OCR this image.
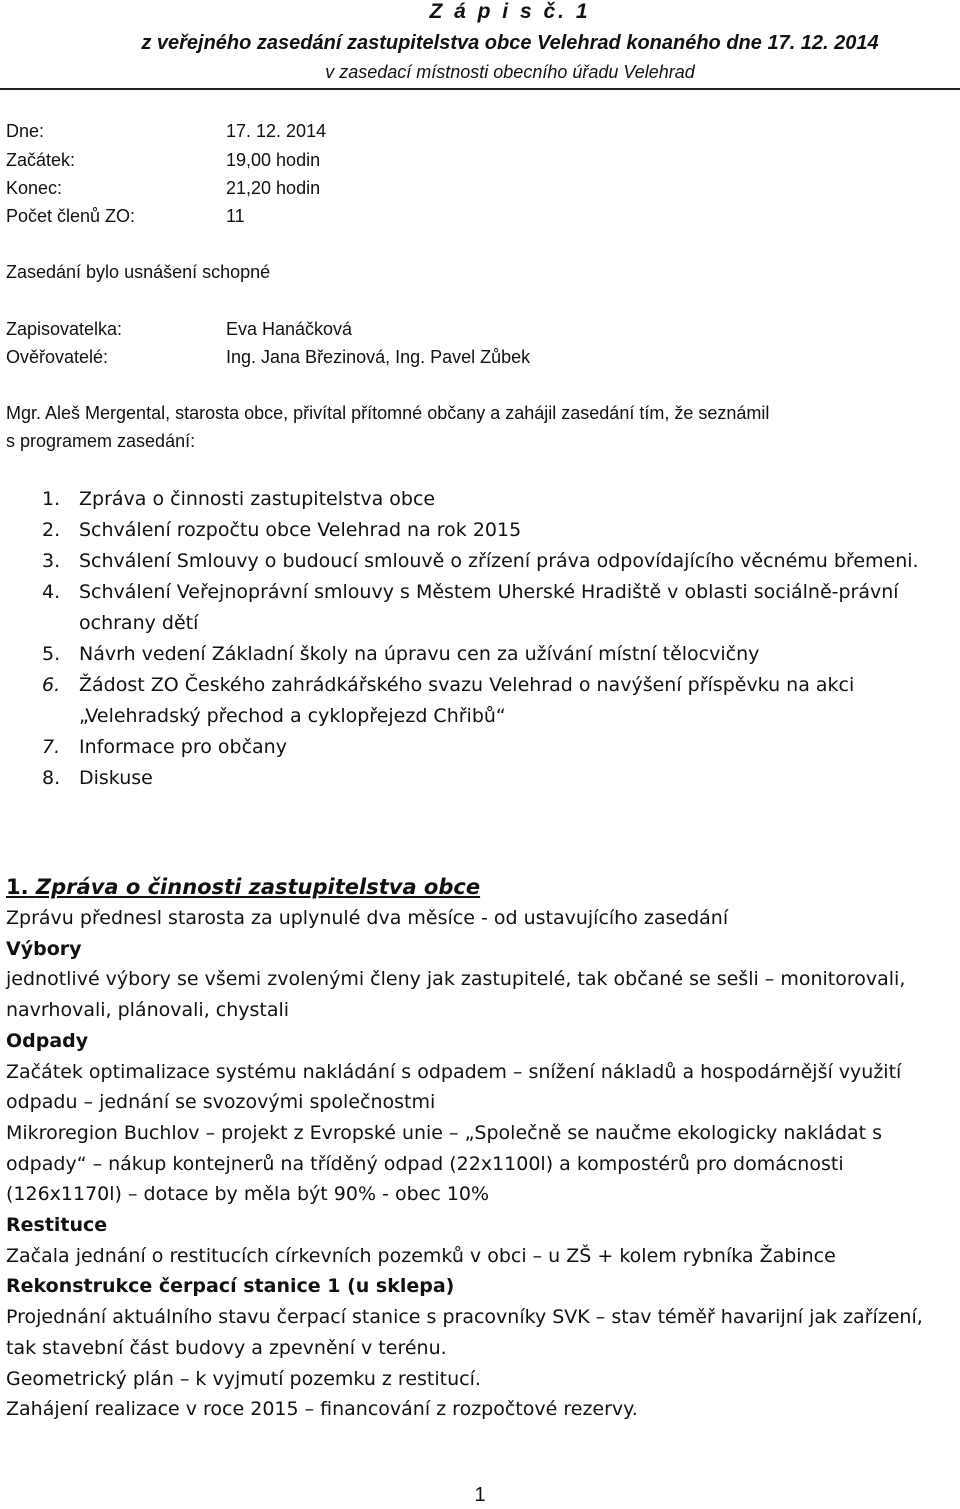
Z á p i s č. 1
z veřejného zasedání zastupitelstva obce Velehrad konaného dne 17. 12. 2014
v zasedací místnosti obecního úřadu Velehrad
Dne:	17. 12. 2014
Začátek:	19,00 hodin
Konec:	21,20 hodin
Počet členů ZO:	11
Zasedání bylo usnášení schopné
Zapisovatelka:	Eva Hanáčková
Ověřovatelé:	Ing. Jana Březinová, Ing. Pavel Zůbek
Mgr. Aleš Mergental, starosta obce, přivítal přítomné občany a zahájil zasedání tím, že seznámil
s programem zasedání:
1. Zpráva o činnosti zastupitelstva obce
2. Schválení rozpočtu obce Velehrad na rok 2015
3. Schválení Smlouvy o budoucí smlouvě o zřízení práva odpovídajícího věcnému břemeni.
4. Schválení Veřejnoprávní smlouvy s Městem Uherské Hradiště v oblasti sociálně-právní ochrany dětí
5. Návrh vedení Základní školy na úpravu cen za užívání místní tělocvičny
6. Žádost ZO Českého zahrádkářského svazu Velehrad o navýšení příspěvku na akci „Velehradský přechod a cyklopřejezd Chřibů“
7. Informace pro občany
8. Diskuse

1. Zpráva o činnosti zastupitelstva obce

Zprávu přednesl starosta za uplynulé dva měsíce - od ustavujícího zasedání

Výbory

jednotlivé výbory se všemi zvolenými členy jak zastupitelé, tak občané se sešli – monitorovali, navrhovali, plánovali, chystali

Odpady

Začátek optimalizace systému nakládání s odpadem – snížení nákladů a hospodárnější využití odpadu – jednání se svozovými společnostmi

Mikroregion Buchlov – projekt z Evropské unie – „Společně se naučme ekologicky nakládat s odpady“ – nákup kontejnerů na tříděný odpad (22x1100l) a kompostérů pro domácnosti (126x1170l) – dotace by měla být 90% - obec 10%

Restituce

Začala jednání o restitucích církevních pozemků v obci – u ZŠ + kolem rybníka Žabince

Rekonstrukce čerpací stanice 1 (u sklepa)

Projednání aktuálního stavu čerpací stanice s pracovníky SVK – stav téměř havarijní jak zařízení, tak stavební část budovy a zpevnění v terénu.

Geometrický plán – k vyjmutí pozemku z restitucí.

Zahájení realizace v roce 2015 – financování z rozpočtové rezervy.

1
